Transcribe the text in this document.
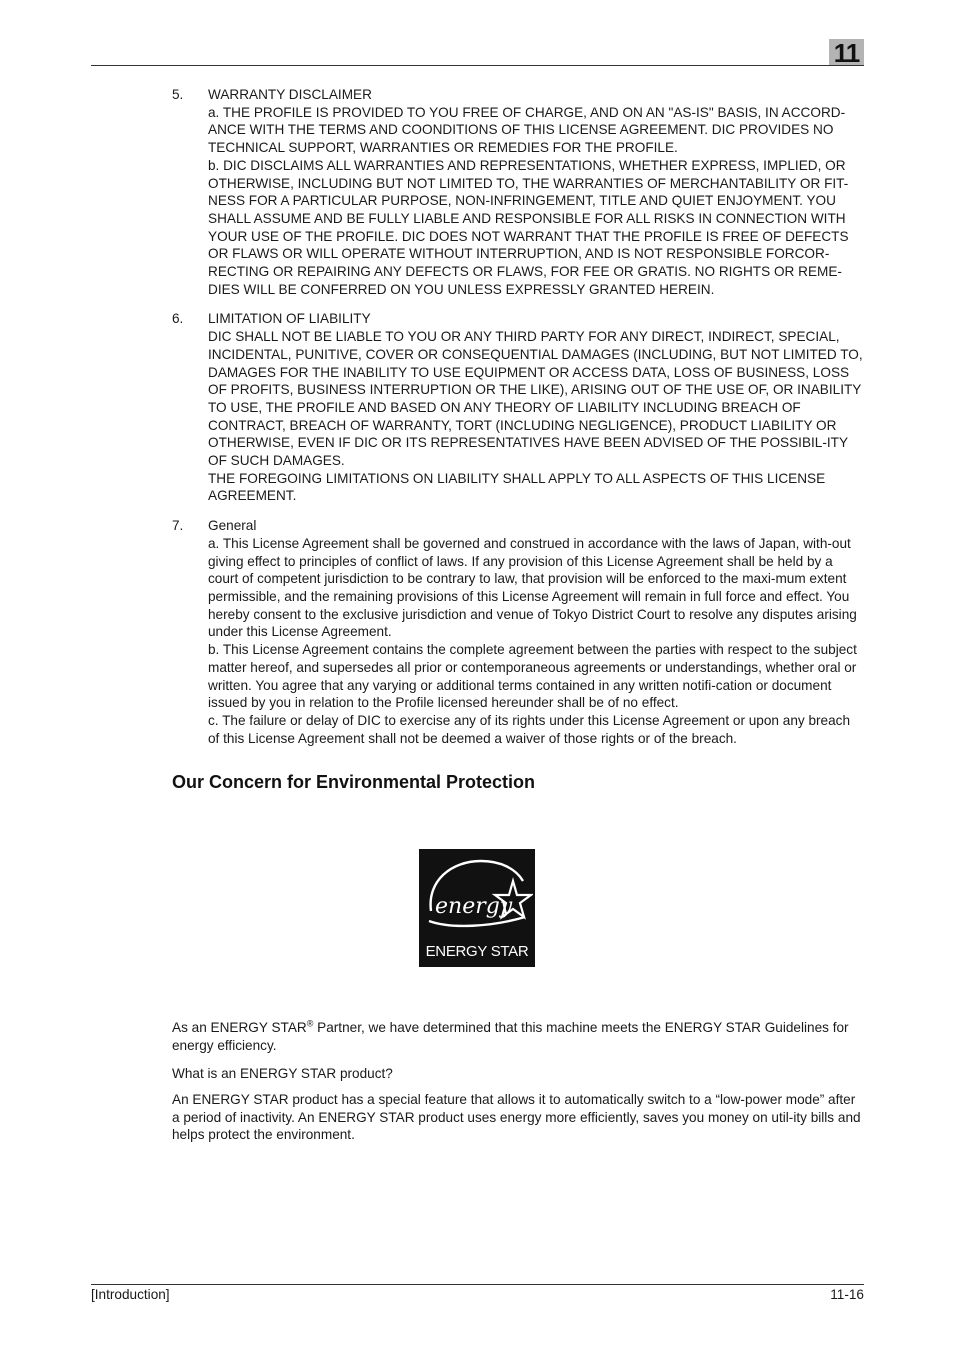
11
5. WARRANTY DISCLAIMER

a. THE PROFILE IS PROVIDED TO YOU FREE OF CHARGE, AND ON AN "AS-IS" BASIS, IN ACCORD-ANCE WITH THE TERMS AND COONDITIONS OF THIS LICENSE AGREEMENT. DIC PROVIDES NO TECHNICAL SUPPORT, WARRANTIES OR REMEDIES FOR THE PROFILE.

b. DIC DISCLAIMS ALL WARRANTIES AND REPRESENTATIONS, WHETHER EXPRESS, IMPLIED, OR OTHERWISE, INCLUDING BUT NOT LIMITED TO, THE WARRANTIES OF MERCHANTABILITY OR FIT-NESS FOR A PARTICULAR PURPOSE, NON-INFRINGEMENT, TITLE AND QUIET ENJOYMENT. YOU SHALL ASSUME AND BE FULLY LIABLE AND RESPONSIBLE FOR ALL RISKS IN CONNECTION WITH YOUR USE OF THE PROFILE. DIC DOES NOT WARRANT THAT THE PROFILE IS FREE OF DEFECTS OR FLAWS OR WILL OPERATE WITHOUT INTERRUPTION, AND IS NOT RESPONSIBLE FORCOR-RECTING OR REPAIRING ANY DEFECTS OR FLAWS, FOR FEE OR GRATIS. NO RIGHTS OR REME-DIES WILL BE CONFERRED ON YOU UNLESS EXPRESSLY GRANTED HEREIN.

6. LIMITATION OF LIABILITY

DIC SHALL NOT BE LIABLE TO YOU OR ANY THIRD PARTY FOR ANY DIRECT, INDIRECT, SPECIAL, INCIDENTAL, PUNITIVE, COVER OR CONSEQUENTIAL DAMAGES (INCLUDING, BUT NOT LIMITED TO, DAMAGES FOR THE INABILITY TO USE EQUIPMENT OR ACCESS DATA, LOSS OF BUSINESS, LOSS OF PROFITS, BUSINESS INTERRUPTION OR THE LIKE), ARISING OUT OF THE USE OF, OR INABILITY TO USE, THE PROFILE AND BASED ON ANY THEORY OF LIABILITY INCLUDING BREACH OF CONTRACT, BREACH OF WARRANTY, TORT (INCLUDING NEGLIGENCE), PRODUCT LIABILITY OR OTHERWISE, EVEN IF DIC OR ITS REPRESENTATIVES HAVE BEEN ADVISED OF THE POSSIBIL-ITY OF SUCH DAMAGES.

THE FOREGOING LIMITATIONS ON LIABILITY SHALL APPLY TO ALL ASPECTS OF THIS LICENSE AGREEMENT.

7. General

a. This License Agreement shall be governed and construed in accordance with the laws of Japan, with-out giving effect to principles of conflict of laws. If any provision of this License Agreement shall be held by a court of competent jurisdiction to be contrary to law, that provision will be enforced to the maxi-mum extent permissible, and the remaining provisions of this License Agreement will remain in full force and effect. You hereby consent to the exclusive jurisdiction and venue of Tokyo District Court to resolve any disputes arising under this License Agreement.

b. This License Agreement contains the complete agreement between the parties with respect to the subject matter hereof, and supersedes all prior or contemporaneous agreements or understandings, whether oral or written. You agree that any varying or additional terms contained in any written notifi-cation or document issued by you in relation to the Profile licensed hereunder shall be of no effect.

c. The failure or delay of DIC to exercise any of its rights under this License Agreement or upon any breach of this License Agreement shall not be deemed a waiver of those rights or of the breach.

Our Concern for Environmental Protection
energy
ENERGY STAR

As an ENERGY STAR® Partner, we have determined that this machine meets the ENERGY STAR Guidelines for energy efficiency.

What is an ENERGY STAR product?

An ENERGY STAR product has a special feature that allows it to automatically switch to a “low-power mode” after a period of inactivity. An ENERGY STAR product uses energy more efficiently, saves you money on util-ity bills and helps protect the environment.

[Introduction]	11-16
